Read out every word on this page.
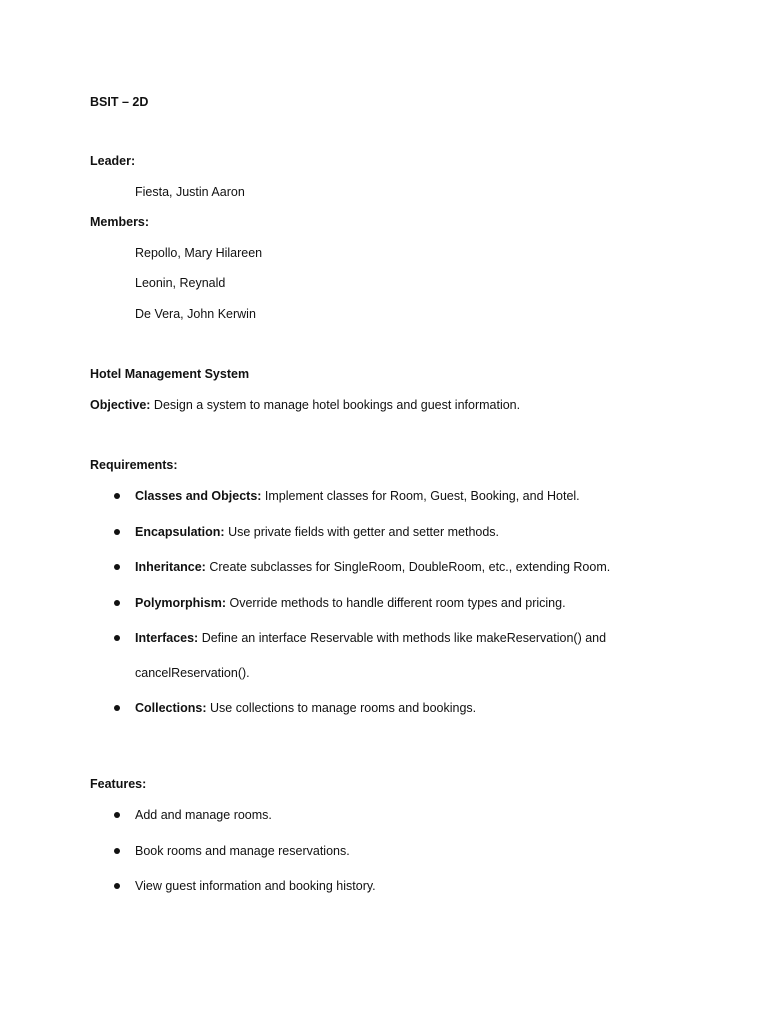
BSIT – 2D
Leader:
Fiesta, Justin Aaron
Members:
Repollo, Mary Hilareen
Leonin, Reynald
De Vera, John Kerwin
Hotel Management System
Objective: Design a system to manage hotel bookings and guest information.
Requirements:
Classes and Objects: Implement classes for Room, Guest, Booking, and Hotel.
Encapsulation: Use private fields with getter and setter methods.
Inheritance: Create subclasses for SingleRoom, DoubleRoom, etc., extending Room.
Polymorphism: Override methods to handle different room types and pricing.
Interfaces: Define an interface Reservable with methods like makeReservation() and
cancelReservation().
Collections: Use collections to manage rooms and bookings.
Features:
Add and manage rooms.
Book rooms and manage reservations.
View guest information and booking history.
